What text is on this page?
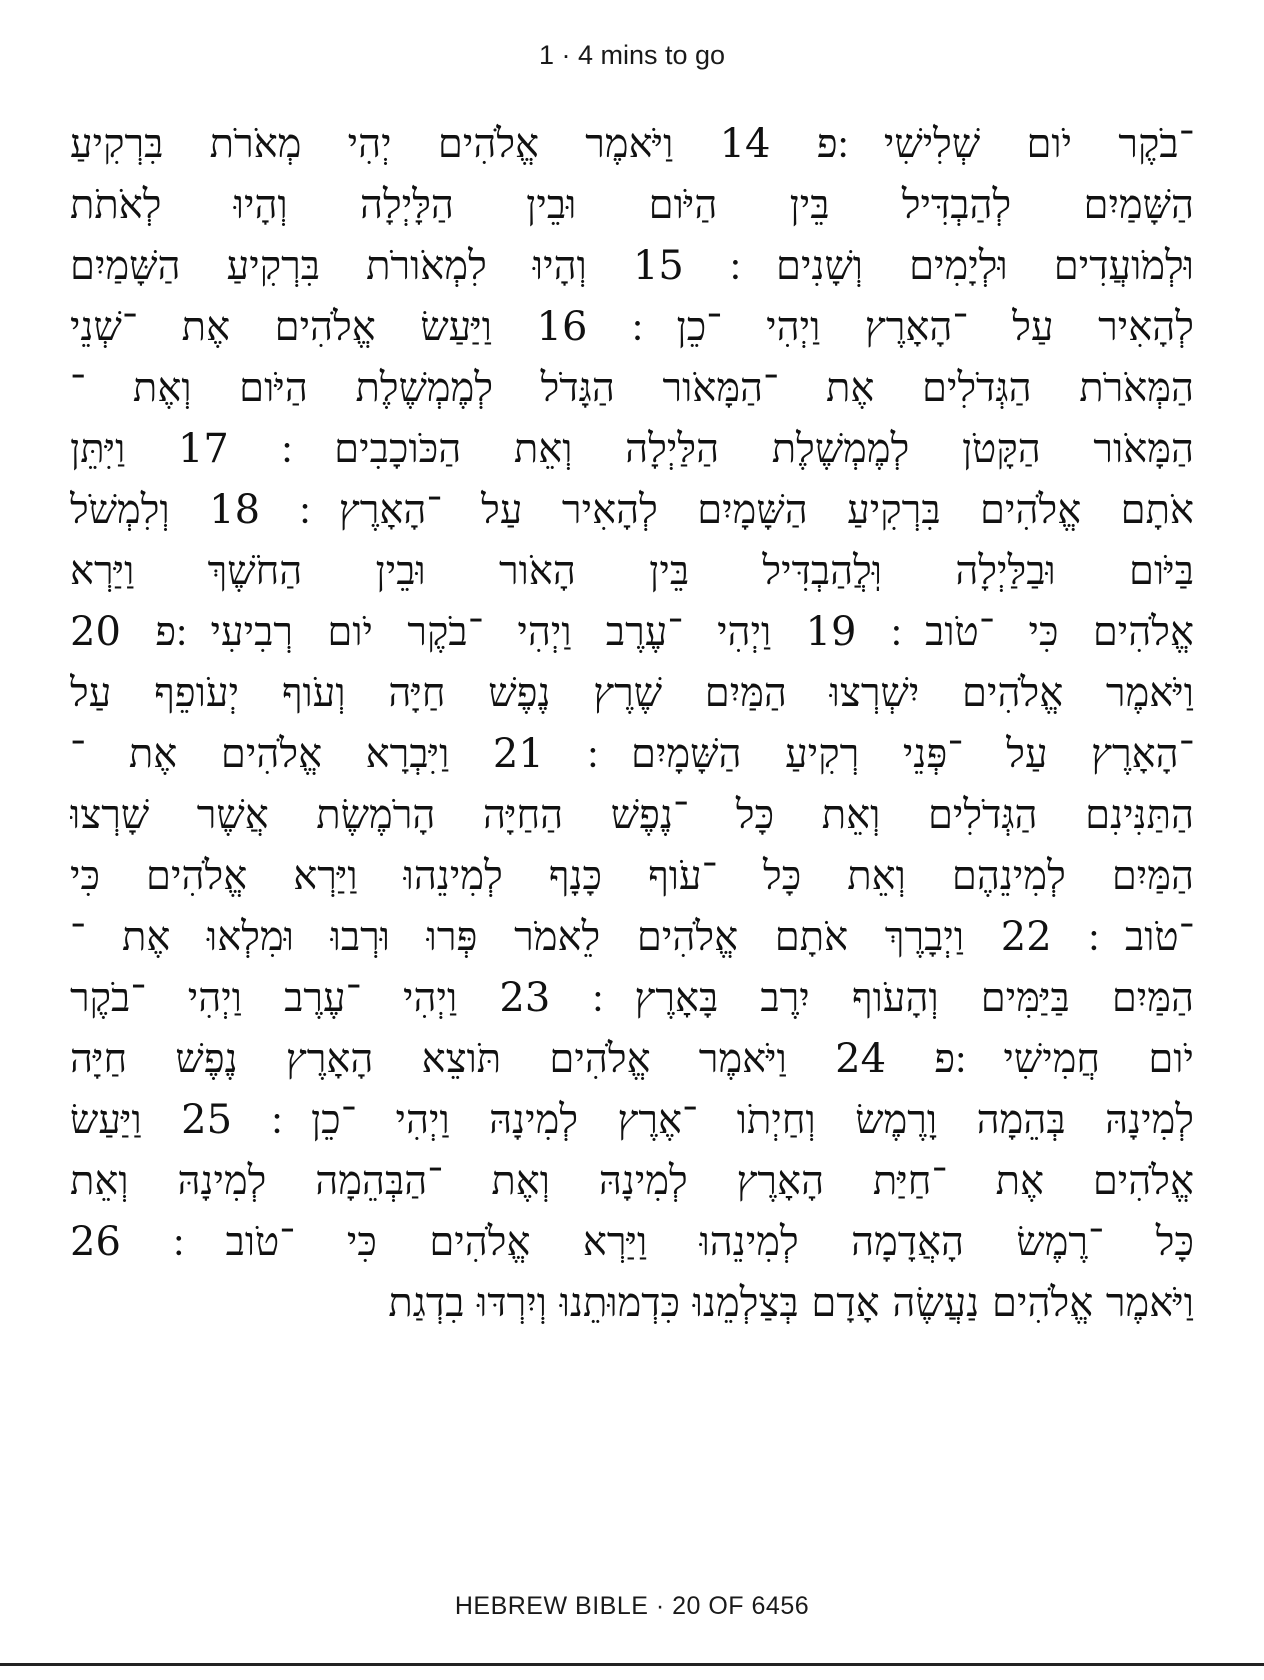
1 · 4 mins to go
־בֹקֶר יֹום שְׁלִישִׁי ׃פ 14 וַיֹּאמֶר אֱלֹהִים יְהִי מְאֹרֹת בִּרְקִיעַ
הַשָּׁמַיִם לְהַבְדִּיל בֵּין הַיֹּום וּבֵין הַלָּיְלָה וְהָיוּ לְאֹתֹת
וּלְמֹועֲדִים וּלְיָמִים וְשָׁנִים ׃ 15 וְהָיוּ לִמְאֹורֹת בִּרְקִיעַ הַשָּׁמַיִם
לְהָאִיר עַל ־הָאָרֶץ וַיְהִי ־כֵן ׃ 16 וַיַּעַשׂ אֱלֹהִים אֶת ־שְׁנֵי
הַמְּאֹרֹת הַגְּדֹלִים אֶת ־הַמָּאֹור הַגָּדֹל לְמֶמְשֶׁלֶת הַיֹּום וְאֶת ־
הַמָּאֹור הַקָּטֹן לְמֶמְשֶׁלֶת הַלַּיְלָה וְאֵת הַכֹּוכָבִים ׃ 17 וַיִּתֵּן
אֹתָם אֱלֹהִים בִּרְקִיעַ הַשָּׁמָיִם לְהָאִיר עַל ־הָאָרֶץ ׃ 18 וְלִמְשֹׁל
בַּיֹּום וּבַלַּיְלָה וּֽלֲהַבְדִּיל בֵּין הָאֹור וּבֵין הַחֹשֶׁךְ וַיַּרְא
אֱלֹהִים כִּי ־טֹוב ׃ 19 וַיְהִי ־עֶרֶב וַיְהִי ־בֹקֶר יֹום רְבִיעִי ׃פ 20
וַיֹּאמֶר אֱלֹהִים יִשְׁרְצוּ הַמַּיִם שֶׁרֶץ נֶפֶשׁ חַיָּה וְעֹוף יְעֹופֵף עַל
־הָאָרֶץ עַל ־פְּנֵי רְקִיעַ הַשָּׁמָיִם ׃ 21 וַיִּבְרָא אֱלֹהִים אֶת ־
הַתַּנִּינִם הַגְּדֹלִים וְאֵת כָּל ־נֶפֶשׁ הַחַיָּה הָרֹמֶשֶׂת אֲשֶׁר שָׁרְצוּ
הַמַּיִם לְמִינֵהֶם וְאֵת כָּל ־עֹוף כָּנָף לְמִינֵהוּ וַיַּרְא אֱלֹהִים כִּי
־טֹוב ׃ 22 וַיְבָרֶךְ אֹתָם אֱלֹהִים לֵאמֹר פְּרוּ וּרְבוּ וּמִלְאוּ אֶת ־
הַמַּיִם בַּיַּמִּים וְהָעֹוף יִרֶב בָּאָרֶץ ׃ 23 וַיְהִי ־עֶרֶב וַיְהִי ־בֹקֶר
יֹום חֲמִישִׁי ׃פ 24 וַיֹּאמֶר אֱלֹהִים תֹּוצֵא הָאָרֶץ נֶפֶשׁ חַיָּה
לְמִינָהּ בְּהֵמָה וָרֶמֶשׂ וְחַיְתֹו ־אֶרֶץ לְמִינָהּ וַיְהִי ־כֵן ׃ 25 וַיַּעַשׂ
אֱלֹהִים אֶת ־חַיַּת הָאָרֶץ לְמִינָהּ וְאֶת ־הַבְּהֵמָה לְמִינָהּ וְאֵת
כָּל ־רֶמֶשׂ הָאֲדָמָה לְמִינֵהוּ וַיַּרְא אֱלֹהִים כִּי ־טֹוב ׃ 26
וַיֹּאמֶר אֱלֹהִים נַעֲשֶׂה אָדָם בְּצַלְמֵנוּ כִּדְמוּתֵנוּ וְיִרְדּוּ בִדְגַת
HEBREW BIBLE · 20 OF 6456
